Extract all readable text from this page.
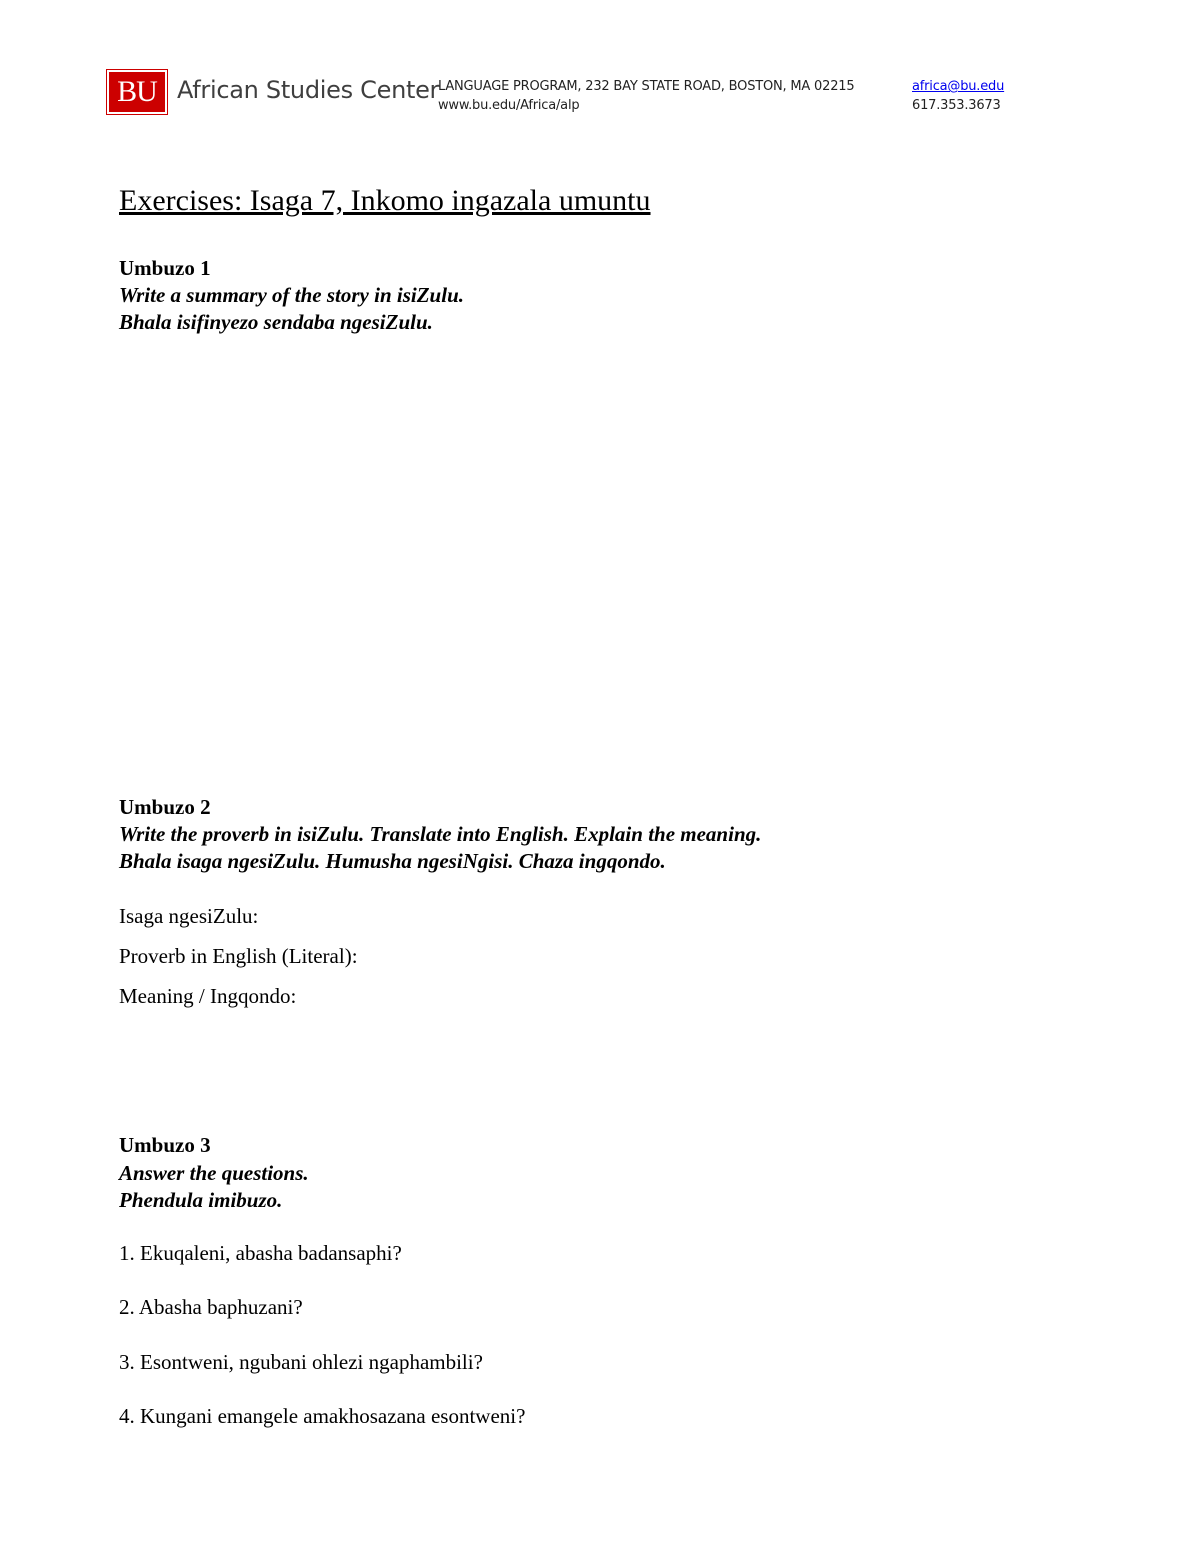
BU African Studies Center
LANGUAGE PROGRAM, 232 BAY STATE ROAD, BOSTON, MA 02215
www.bu.edu/Africa/alp
africa@bu.edu
617.353.3673
Exercises: Isaga 7, Inkomo ingazala umuntu
Umbuzo 1
Write a summary of the story in isiZulu.
Bhala isifinyezo sendaba ngesiZulu.
Umbuzo 2
Write the proverb in isiZulu. Translate into English. Explain the meaning.
Bhala isaga ngesiZulu. Humusha ngesiNgisi. Chaza ingqondo.
Isaga ngesiZulu:
Proverb in English (Literal):
Meaning / Ingqondo:
Umbuzo 3
Answer the questions.
Phendula imibuzo.
1. Ekuqaleni, abasha badansaphi?
2. Abasha baphuzani?
3. Esontweni, ngubani ohlezi ngaphambili?
4. Kungani emangele amakhosazana esontweni?
